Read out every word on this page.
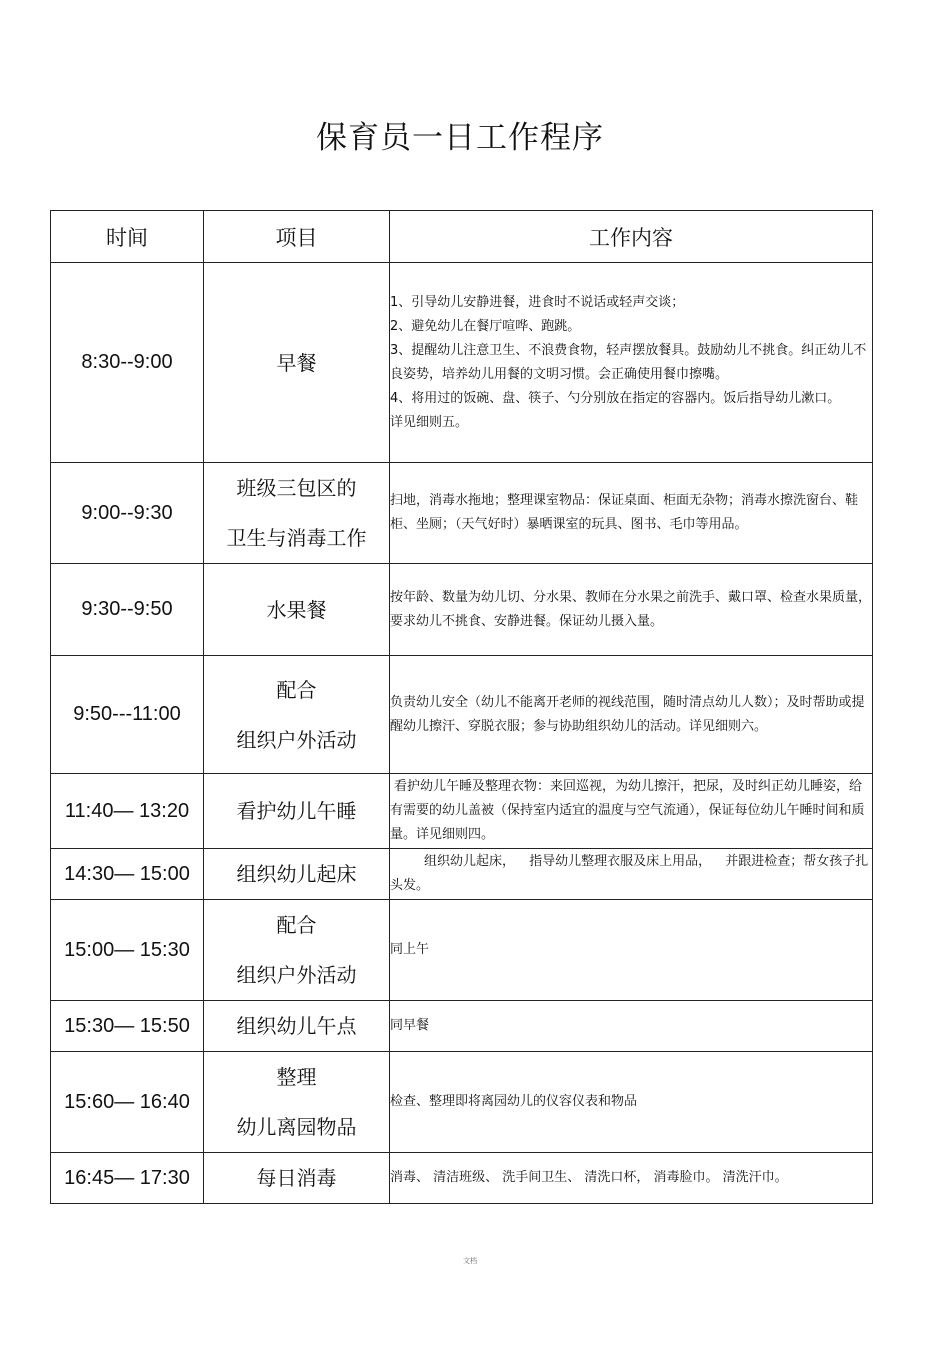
保育员一日工作程序
时间	项目	工作内容
8:30--9:00	早餐	1、引导幼儿安静进餐，进食时不说话或轻声交谈；
2、避免幼儿在餐厅喧哗、跑跳。
3、提醒幼儿注意卫生、不浪费食物，轻声摆放餐具。鼓励幼儿不挑食。纠正幼儿不良姿势，培养幼儿用餐的文明习惯。会正确使用餐巾擦嘴。
4、将用过的饭碗、盘、筷子、勺分别放在指定的容器内。饭后指导幼儿漱口。
详见细则五。

9:00--9:30	班级三包区的
卫生与消毒工作	扫地，消毒水拖地；整理课室物品：保证桌面、柜面无杂物；消毒水擦洗窗台、鞋柜、坐厕；（天气好时）暴晒课室的玩具、图书、毛巾等用品。

9:30--9:50	水果餐	按年龄、数量为幼儿切、分水果、教师在分水果之前洗手、戴口罩、检查水果质量，要求幼儿不挑食、安静进餐。保证幼儿摄入量。

9:50---11:00	配合
组织户外活动	负责幼儿安全（幼儿不能离开老师的视线范围，随时清点幼儿人数）；及时帮助或提醒幼儿擦汗、穿脱衣服；参与协助组织幼儿的活动。详见细则六。

11:40— 13:20	看护幼儿午睡	看护幼儿午睡及整理衣物：来回巡视，为幼儿擦汗，把尿，及时纠正幼儿睡姿，给有需要的幼儿盖被（保持室内适宜的温度与空气流通），保证每位幼儿午睡时间和质量。详见细则四。

14:30— 15:00	组织幼儿起床	组织幼儿起床， 指导幼儿整理衣服及床上用品， 并跟进检查；帮女孩子扎头发。

15:00— 15:30	配合
组织户外活动	同上午

15:30— 15:50	组织幼儿午点	同早餐

15:60— 16:40	整理
幼儿离园物品	检查、整理即将离园幼儿的仪容仪表和物品

16:45— 17:30	每日消毒	消毒、 清洁班级、 洗手间卫生、 清洗口杯， 消毒脸巾。 清洗汗巾。
文档
